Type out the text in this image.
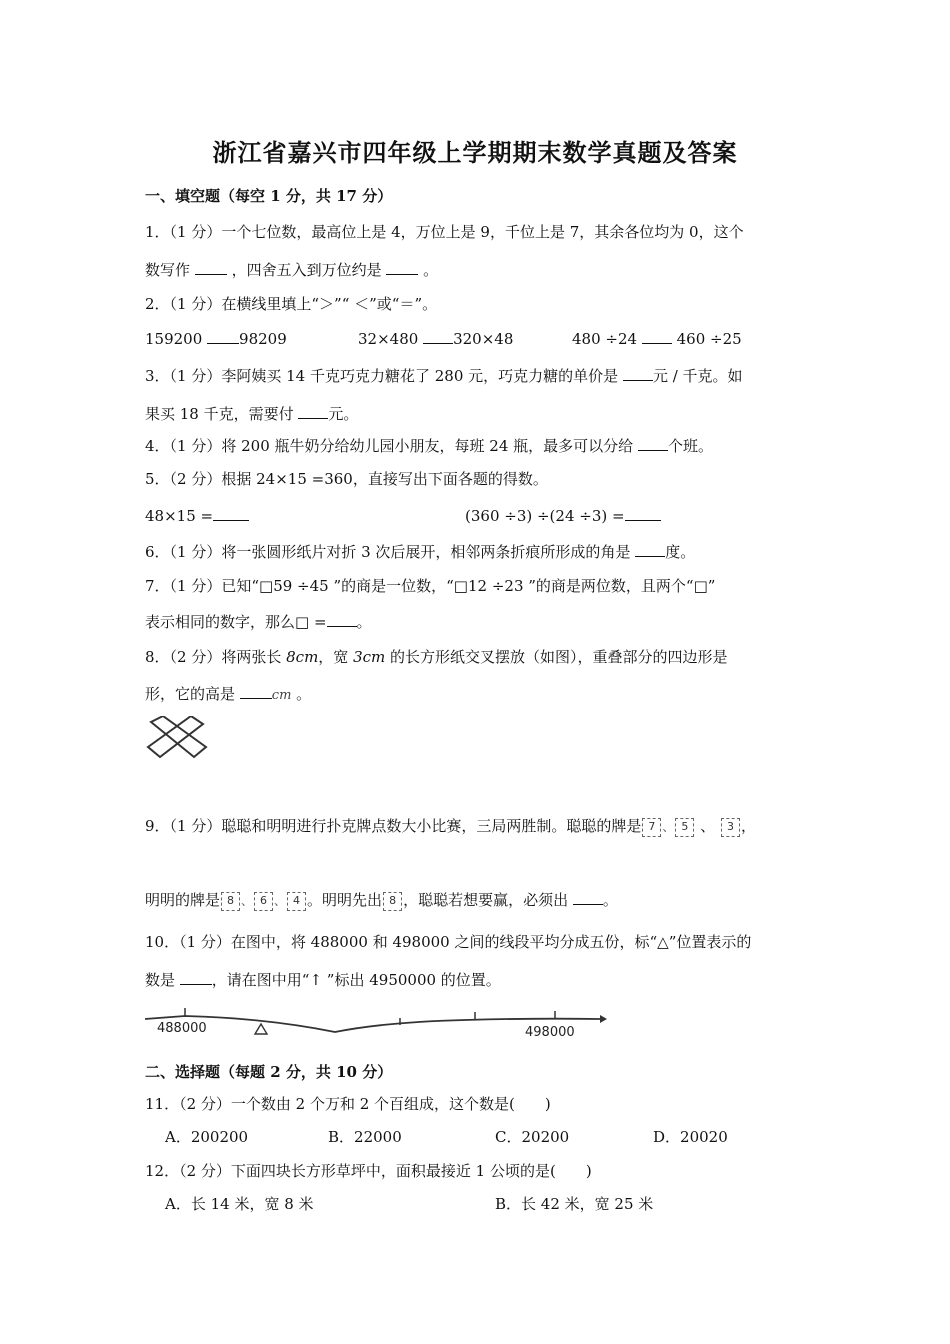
浙江省嘉兴市四年级上学期期末数学真题及答案
一、填空题（每空 1 分，共 17 分）
1．（1 分）一个七位数，最高位上是 4，万位上是 9，千位上是 7，其余各位均为 0，这个
数写作	，四舍五入到万位约是	。
2．（1 分）在横线里填上“＞”“ ＜”或“＝”。
159200 98209	32×480 320×48	480 ÷24	460 ÷25
3．（1 分）李阿姨买 14 千克巧克力糖花了 280 元，巧克力糖的单价是 元 / 千克。如
果买 18 千克，需要付 元。
4．（1 分）将 200 瓶牛奶分给幼儿园小朋友，每班 24 瓶，最多可以分给 个班。
5．（2 分）根据 24×15 =360，直接写出下面各题的得数。
48×15 =	(360 ÷3) ÷(24 ÷3) =
6．（1 分）将一张圆形纸片对折 3 次后展开，相邻两条折痕所形成的角是 度。
7．（1 分）已知“□59 ÷45 ”的商是一位数，“□12 ÷23 ”的商是两位数，且两个“□”
表示相同的数字，那么□ = 。
8．（2 分）将两张长 8cm，宽 3cm 的长方形纸交叉摆放（如图），重叠部分的四边形是
形，它的高是	cm 。
9．（1 分）聪聪和明明进行扑克牌点数大小比赛，三局两胜制。聪聪的牌是 7 、 5 、 3 ，
明明的牌是 8 、 6 、 4 。明明先出 8 ，聪聪若想要赢，必须出 。
10．（1 分）在图中，将 488000 和 498000 之间的线段平均分成五份，标“△”位置表示的
数是 ，请在图中用“↑ ”标出 4950000 的位置。
488000	498000
二、选择题（每题 2 分，共 10 分）
11．（2 分）一个数由 2 个万和 2 个百组成，这个数是(　　)
A．200200	B．22000	C．20200	D．20020
12．（2 分）下面四块长方形草坪中，面积最接近 1 公顷的是(　　)
A．长 14 米，宽 8 米	B．长 42 米，宽 25 米
